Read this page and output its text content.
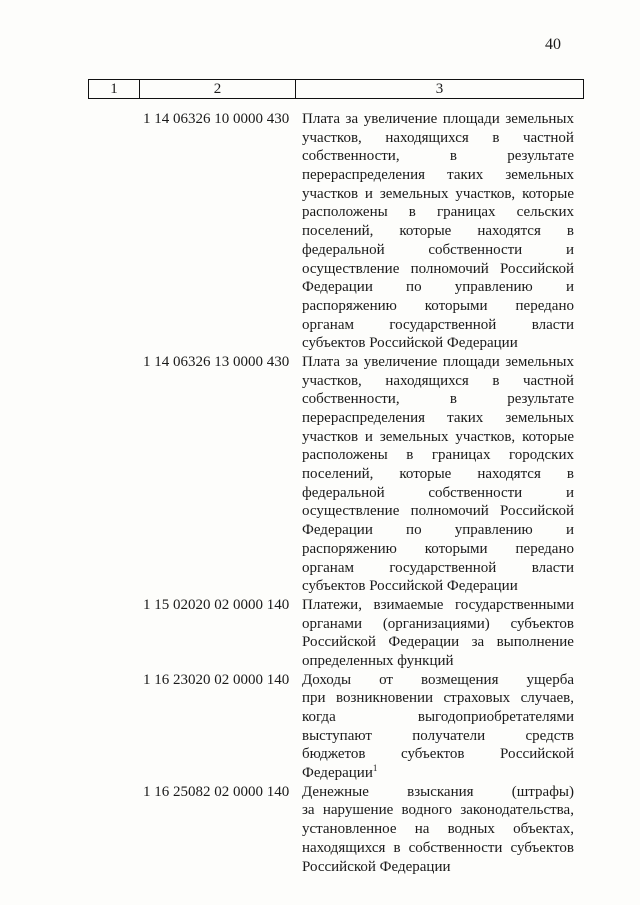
40
1	2	3
1 14 06326 10 0000 430 Плата за увеличение площади земельных
участков, находящихся в частной
собственности,	в	результате
перераспределения таких земельных
участков и земельных участков, которые
расположены в границах сельских
поселений, которые находятся в
федеральной	собственности	и
осуществление полномочий Российской
Федерации по управлению и
распоряжению которыми передано
органам государственной власти
субъектов Российской Федерации
1 14 06326 13 0000 430 Плата за увеличение площади земельных
участков, находящихся в частной
собственности,	в	результате
перераспределения таких земельных
участков и земельных участков, которые
расположены в границах городских
поселений, которые находятся в
федеральной	собственности	и
осуществление полномочий Российской
Федерации по управлению и
распоряжению которыми передано
органам государственной власти
субъектов Российской Федерации
1 15 02020 02 0000 140 Платежи, взимаемые государственными
органами (организациями) субъектов
Российской Федерации за выполнение
определенных функций
1 16 23020 02 0000 140 Доходы от возмещения ущерба
при возникновении страховых случаев,
когда	выгодоприобретателями
выступают	получатели	средств
бюджетов субъектов Российской
Федерации$^1$
1 16 25082 02 0000 140 Денежные	взыскания	(штрафы)
за нарушение водного законодательства,
установленное на водных объектах,
находящихся в собственности субъектов
Российской Федерации
